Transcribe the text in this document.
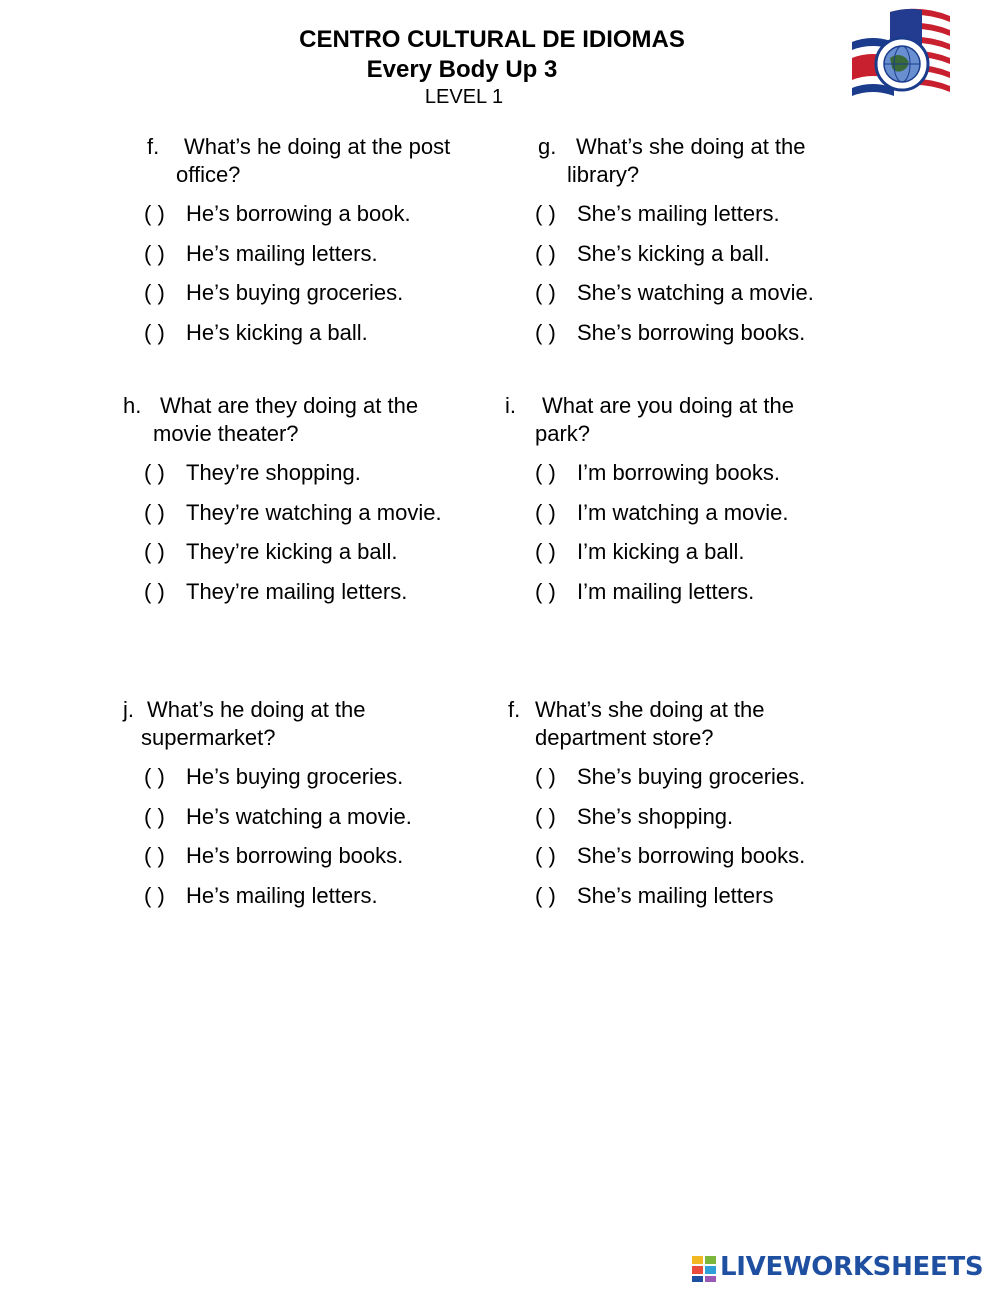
CENTRO CULTURAL DE IDIOMAS
Every Body Up 3
LEVEL 1
f. What’s he doing at the post
office?
( ) He’s borrowing a book.
( ) He’s mailing letters.
( ) He’s buying groceries.
( ) He’s kicking a ball.
g. What’s she doing at the
library?
( ) She’s mailing letters.
( ) She’s kicking a ball.
( ) She’s watching a movie.
( ) She’s borrowing books.
h. What are they doing at the
movie theater?
( ) They’re shopping.
( ) They’re watching a movie.
( ) They’re kicking a ball.
( ) They’re mailing letters.
i. What are you doing at the
park?
( ) I’m borrowing books.
( ) I’m watching a movie.
( ) I’m kicking a ball.
( ) I’m mailing letters.
j. What’s he doing at the
supermarket?
( ) He’s buying groceries.
( ) He’s watching a movie.
( ) He’s borrowing books.
( ) He’s mailing letters.
f. What’s she doing at the
department store?
( ) She’s buying groceries.
( ) She’s shopping.
( ) She’s borrowing books.
( ) She’s mailing letters
LIVEWORKSHEETS
